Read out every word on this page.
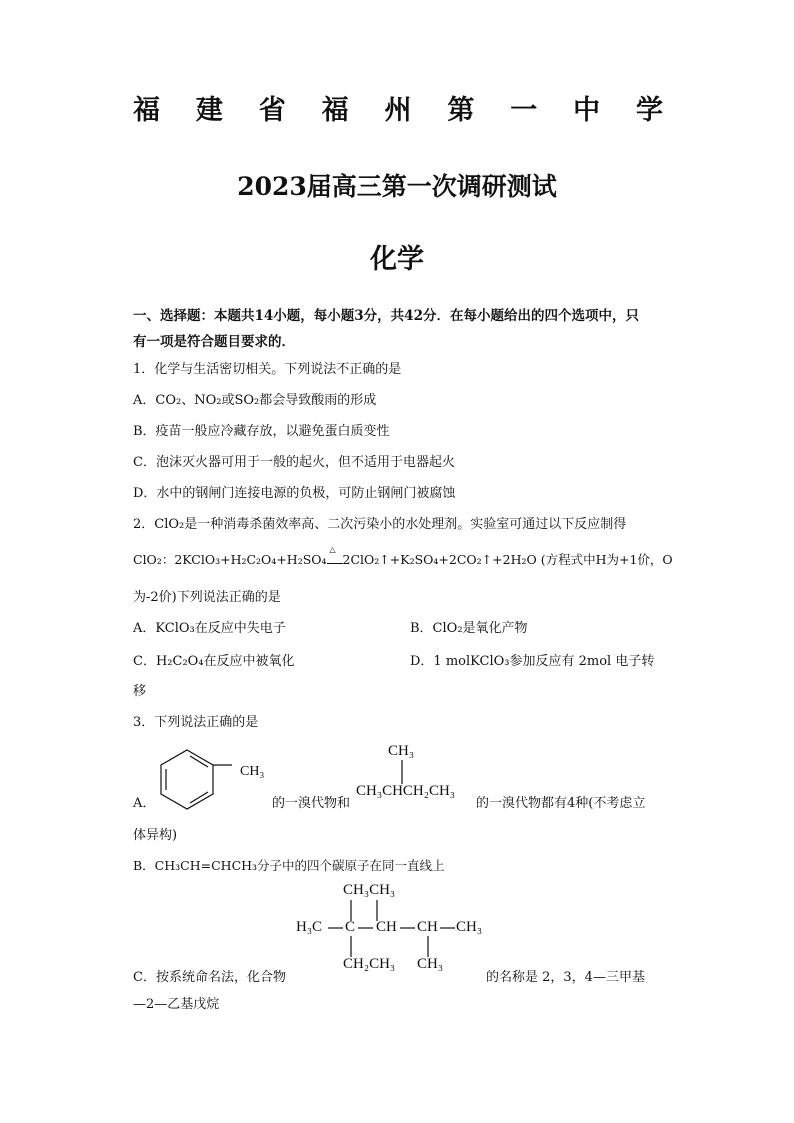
福 建 省 福 州 第 一 中 学
2023届高三第一次调研测试
化学
一、选择题：本题共14小题，每小题3分，共42分．在每小题给出的四个选项中，只
有一项是符合题目要求的．
1．化学与生活密切相关。下列说法不正确的是
A．CO₂、NO₂或SO₂都会导致酸雨的形成
B．疫苗一般应冷藏存放，以避免蛋白质变性
C．泡沫灭火器可用于一般的起火，但不适用于电器起火
D．水中的钢闸门连接电源的负极，可防止钢闸门被腐蚀
2．ClO₂是一种消毒杀菌效率高、二次污染小的水处理剂。实验室可通过以下反应制得
ClO₂：2KClO₃+H₂C₂O₄+H₂SO₄
△
2ClO₂↑+K₂SO₄+2CO₂↑+2H₂O (方程式中H为+1价，O
为-2价)下列说法正确的是
A．KClO₃在反应中失电子	B．ClO₂是氧化产物
C．H₂C₂O₄在反应中被氧化	D．1 molKClO₃参加反应有 2mol 电子转
移
3．下列说法正确的是
CH₃
A．	的一溴代物和
CH₃
CH₃CHCH₂CH₃
的一溴代物都有4种(不考虑立
体异构)
B．CH₃CH=CHCH₃分子中的四个碳原子在同一直线上
CH₃CH₃
H₃C C CH CH CH₃
CH₂CH₃ CH₃
C．按系统命名法，化合物	的名称是 2，3，4—三甲基
—2—乙基戊烷
